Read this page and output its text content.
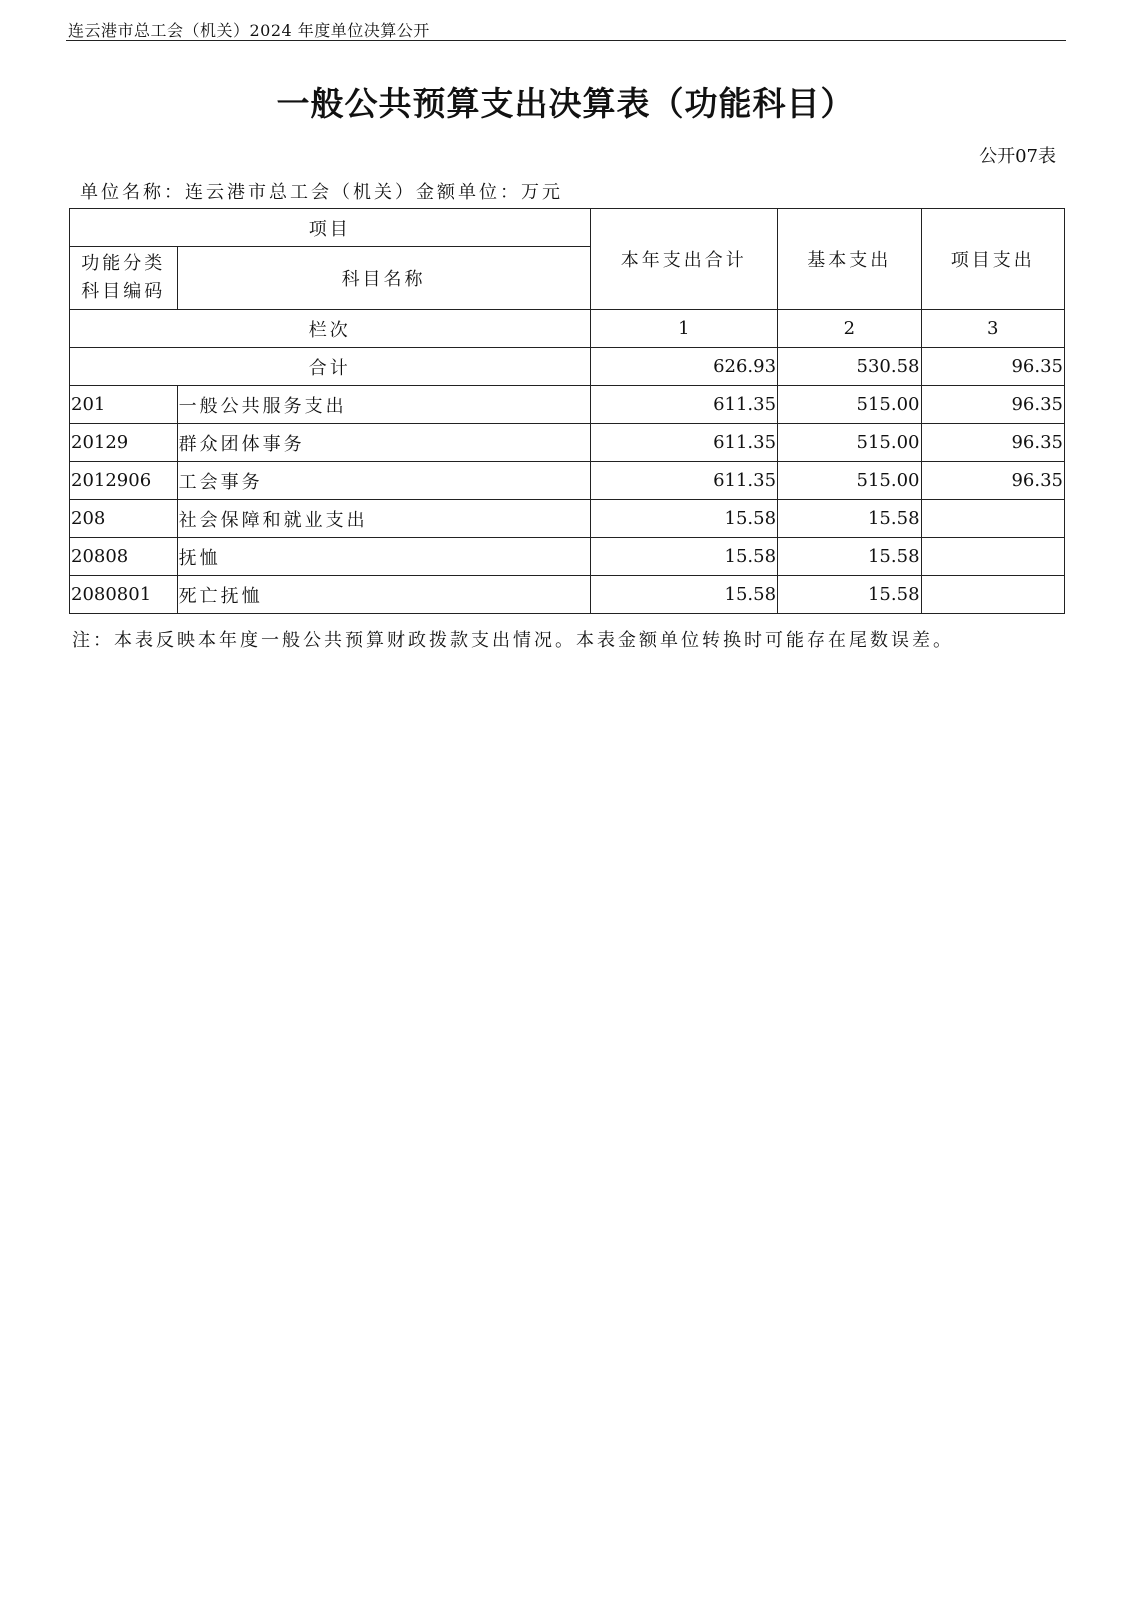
连云港市总工会（机关）2024 年度单位决算公开
一般公共预算支出决算表（功能科目）
公开07表
单位名称：连云港市总工会（机关）金额单位：万元
项目		本年支出合计	基本支出	项目支出

功能分类
科目编码	科目名称			
栏次		1	2	3
合计		626.93	530.58	96.35
201	一般公共服务支出	611.35	515.00	96.35
20129	群众团体事务	611.35	515.00	96.35
2012906	工会事务	611.35	515.00	96.35
208	社会保障和就业支出	15.58	15.58	
20808	抚恤	15.58	15.58	
2080801	死亡抚恤	15.58	15.58	
注：本表反映本年度一般公共预算财政拨款支出情况。本表金额单位转换时可能存在尾数误差。
